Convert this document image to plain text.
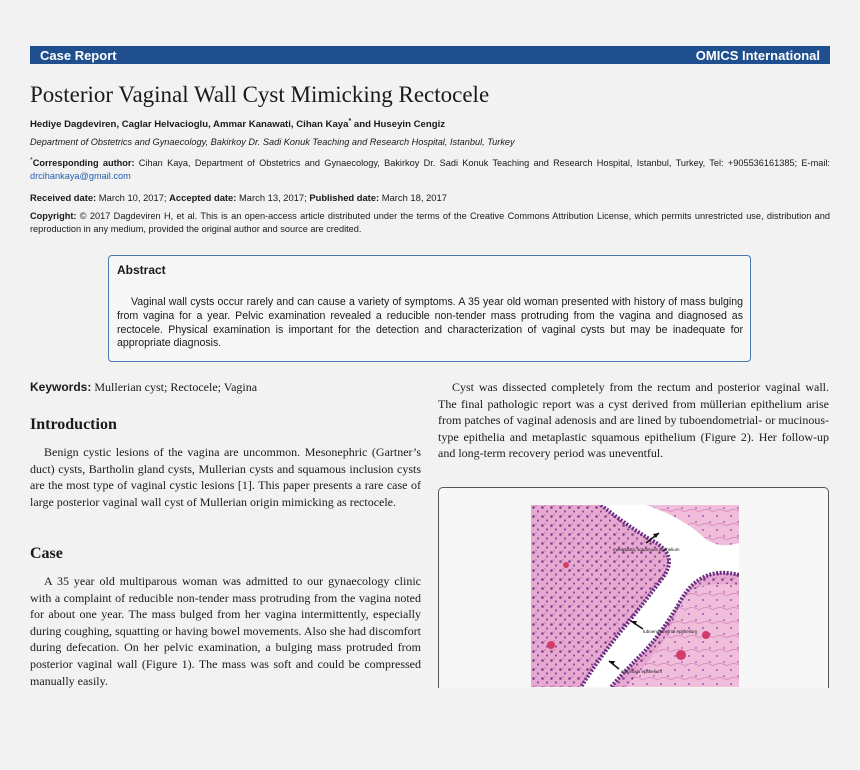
Case Report	OMICS International
Posterior Vaginal Wall Cyst Mimicking Rectocele
Hediye Dagdeviren, Caglar Helvacioglu, Ammar Kanawati, Cihan Kaya* and Huseyin Cengiz
Department of Obstetrics and Gynaecology, Bakirkoy Dr. Sadi Konuk Teaching and Research Hospital, Istanbul, Turkey
*Corresponding author: Cihan Kaya, Department of Obstetrics and Gynaecology, Bakirkoy Dr. Sadi Konuk Teaching and Research Hospital, Istanbul, Turkey, Tel: +905536161385; E-mail: drcihankaya@gmail.com
Received date: March 10, 2017; Accepted date: March 13, 2017; Published date: March 18, 2017
Copyright: © 2017 Dagdeviren H, et al. This is an open-access article distributed under the terms of the Creative Commons Attribution License, which permits unrestricted use, distribution and reproduction in any medium, provided the original author and source are credited.
Abstract
Vaginal wall cysts occur rarely and can cause a variety of symptoms. A 35 year old woman presented with history of mass bulging from vagina for a year. Pelvic examination revealed a reducible non-tender mass protruding from the vagina and diagnosed as rectocele. Physical examination is important for the detection and characterization of vaginal cysts but may be inadequate for appropriate diagnosis.
Keywords: Mullerian cyst; Rectocele; Vagina
Introduction
Benign cystic lesions of the vagina are uncommon. Mesonephric (Gartner’s duct) cysts, Bartholin gland cysts, Mullerian cysts and squamous inclusion cysts are the most type of vaginal cystic lesions [1]. This paper presents a rare case of large posterior vaginal wall cyst of Mullerian origin mimicking as rectocele.
Case
A 35 year old multiparous woman was admitted to our gynaecology clinic with a complaint of reducible non-tender mass protruding from the vagina noted for about one year. The mass bulged from her vagina intermittently, especially during coughing, squatting or having bowel movements. Also she had discomfort during defecation. On her pelvic examination, a bulging mass protruded from posterior vaginal wall (Figure 1). The mass was soft and could be compressed manually easily.
Cyst was dissected completely from the rectum and posterior vaginal wall. The final pathologic report was a cyst derived from müllerian epithelium arise from patches of vaginal adenosis and are lined by tuboendometrial- or mucinous-type epithelia and metaplastic squamous epithelium (Figure 2). Her follow-up and long-term recovery period was uneventful.
metaplastic squamous epithelium
tuboendometrial epithelium
mucinous epithelium
